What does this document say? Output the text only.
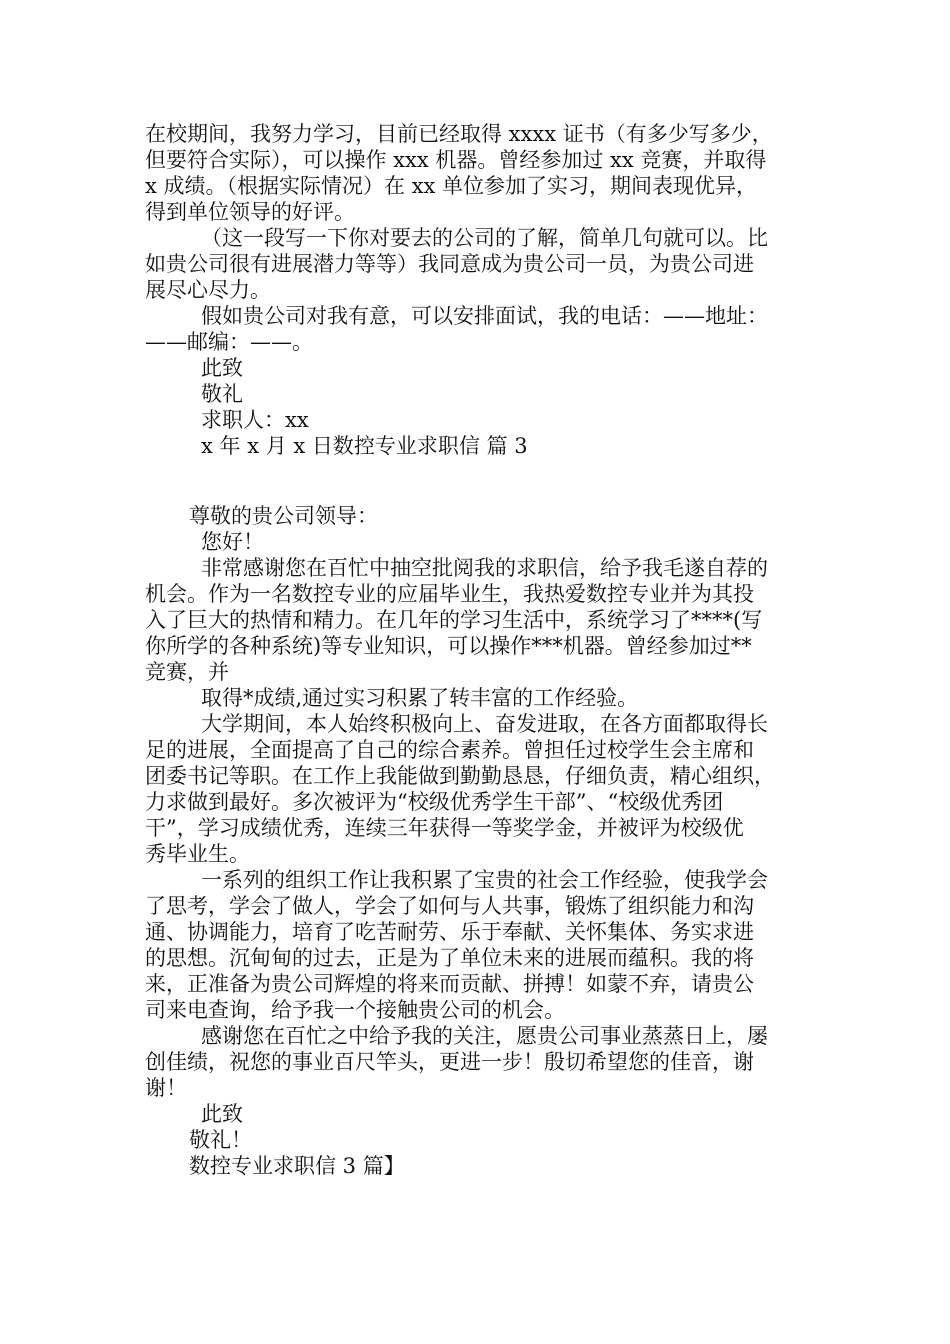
在校期间，我努力学习，目前已经取得 xxxx 证书（有多少写多少，

但要符合实际），可以操作 xxx 机器。曾经参加过 xx 竞赛，并取得

x 成绩。（根据实际情况）在 xx 单位参加了实习，期间表现优异，

得到单位领导的好评。

（这一段写一下你对要去的公司的了解，简单几句就可以。比

如贵公司很有进展潜力等等）我同意成为贵公司一员，为贵公司进

展尽心尽力。

假如贵公司对我有意，可以安排面试，我的电话：——地址：

——邮编：——。

此致

敬礼

求职人：xx

x 年 x 月 x 日数控专业求职信 篇 3

尊敬的贵公司领导：

您好！

非常感谢您在百忙中抽空批阅我的求职信，给予我毛遂自荐的

机会。作为一名数控专业的应届毕业生，我热爱数控专业并为其投

入了巨大的热情和精力。在几年的学习生活中，系统学习了****(写

你所学的各种系统)等专业知识，可以操作***机器。曾经参加过**

竞赛，并

取得*成绩,通过实习积累了转丰富的工作经验。

大学期间，本人始终积极向上、奋发进取，在各方面都取得长

足的进展，全面提高了自己的综合素养。曾担任过校学生会主席和

团委书记等职。在工作上我能做到勤勤恳恳，仔细负责，精心组织，

力求做到最好。多次被评为“校级优秀学生干部”、“校级优秀团

干”，学习成绩优秀，连续三年获得一等奖学金，并被评为校级优

秀毕业生。

一系列的组织工作让我积累了宝贵的社会工作经验，使我学会

了思考，学会了做人，学会了如何与人共事，锻炼了组织能力和沟

通、协调能力，培育了吃苦耐劳、乐于奉献、关怀集体、务实求进

的思想。沉甸甸的过去，正是为了单位未来的进展而蕴积。我的将

来，正准备为贵公司辉煌的将来而贡献、拼搏！如蒙不弃，请贵公

司来电查询，给予我一个接触贵公司的机会。

感谢您在百忙之中给予我的关注，愿贵公司事业蒸蒸日上，屡

创佳绩，祝您的事业百尺竿头，更进一步！殷切希望您的佳音，谢

谢！

此致

敬礼！

数控专业求职信 3 篇】
